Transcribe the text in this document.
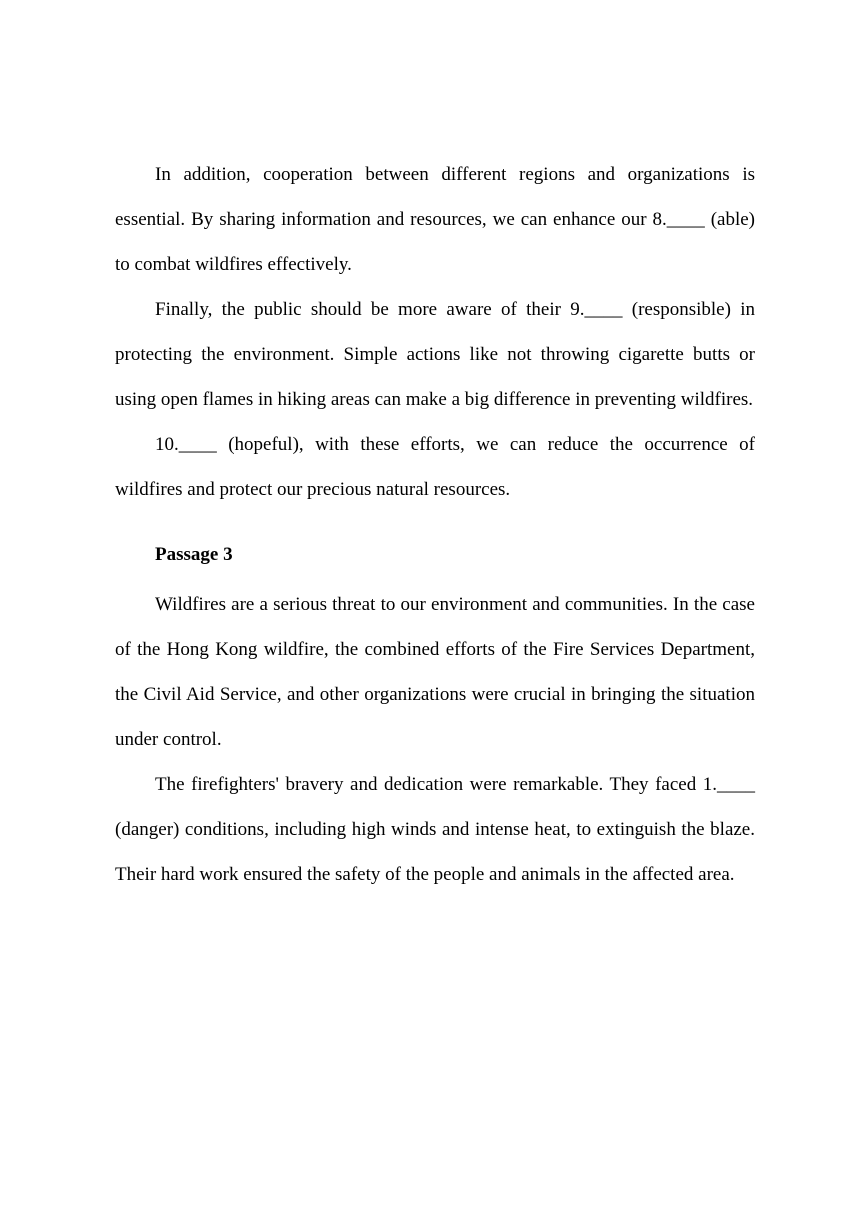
In addition, cooperation between different regions and organizations is essential. By sharing information and resources, we can enhance our 8.____ (able) to combat wildfires effectively.

Finally, the public should be more aware of their 9.____ (responsible) in protecting the environment. Simple actions like not throwing cigarette butts or using open flames in hiking areas can make a big difference in preventing wildfires.

10.____ (hopeful), with these efforts, we can reduce the occurrence of wildfires and protect our precious natural resources.

Passage 3

Wildfires are a serious threat to our environment and communities. In the case of the Hong Kong wildfire, the combined efforts of the Fire Services Department, the Civil Aid Service, and other organizations were crucial in bringing the situation under control.

The firefighters' bravery and dedication were remarkable. They faced 1.____ (danger) conditions, including high winds and intense heat, to extinguish the blaze. Their hard work ensured the safety of the people and animals in the affected area.
